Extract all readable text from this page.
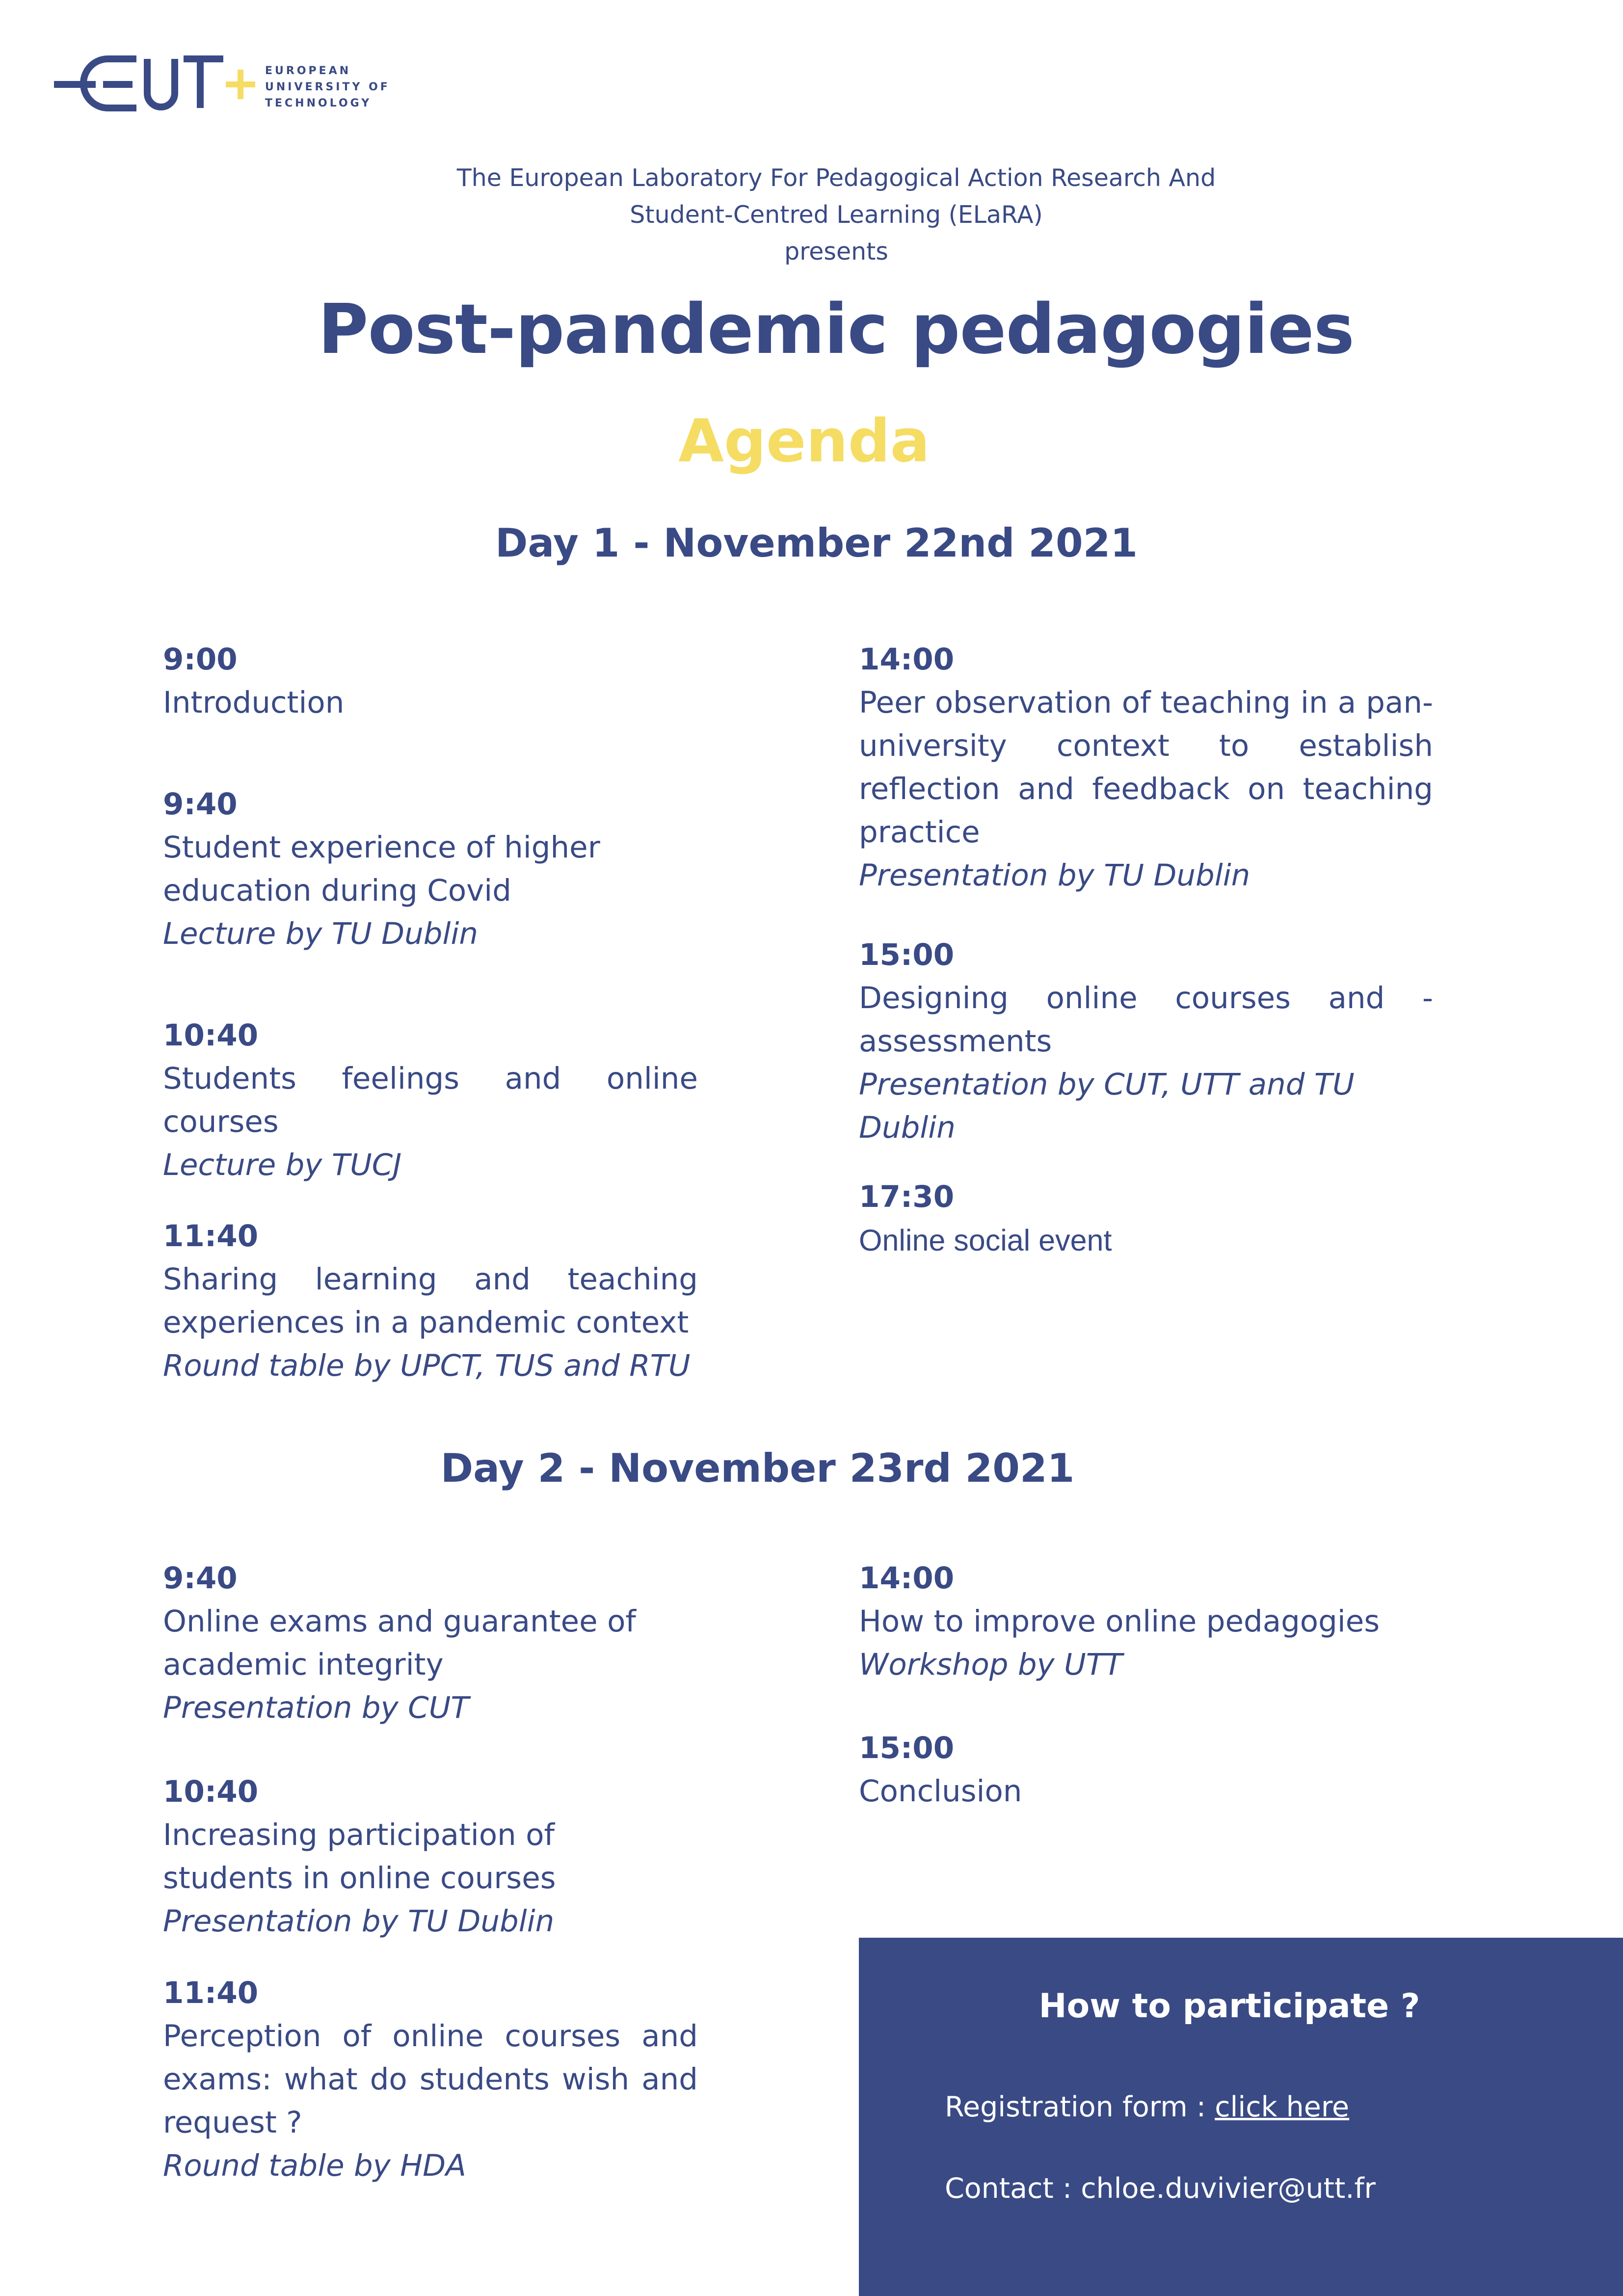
EUROPEAN
UNIVERSITY OF
TECHNOLOGY
The European Laboratory For Pedagogical Action Research And
Student-Centred Learning (ELaRA)
presents
Post-pandemic pedagogies
Agenda
Day 1 - November 22nd 2021
9:00
Introduction
9:40
Student experience of higher education during Covid
Lecture by TU Dublin
10:40
Students feelings and online courses
Lecture by TUCJ
11:40
Sharing learning and teaching experiences in a pandemic context
Round table by UPCT, TUS and RTU
14:00
Peer observation of teaching in a pan-university context to establish reflection and feedback on teaching practice
Presentation by TU Dublin
15:00
Designing online courses and -assessments
Presentation by CUT, UTT and TU Dublin
17:30
Online social event
Day 2 - November 23rd 2021
9:40
Online exams and guarantee of academic integrity
Presentation by CUT
10:40
Increasing participation of students in online courses
Presentation by TU Dublin
11:40
Perception of online courses and exams: what do students wish and request ?
Round table by HDA
14:00
How to improve online pedagogies
Workshop by UTT
15:00
Conclusion
How to participate ?
Registration form : click here
Contact : chloe.duvivier@utt.fr
